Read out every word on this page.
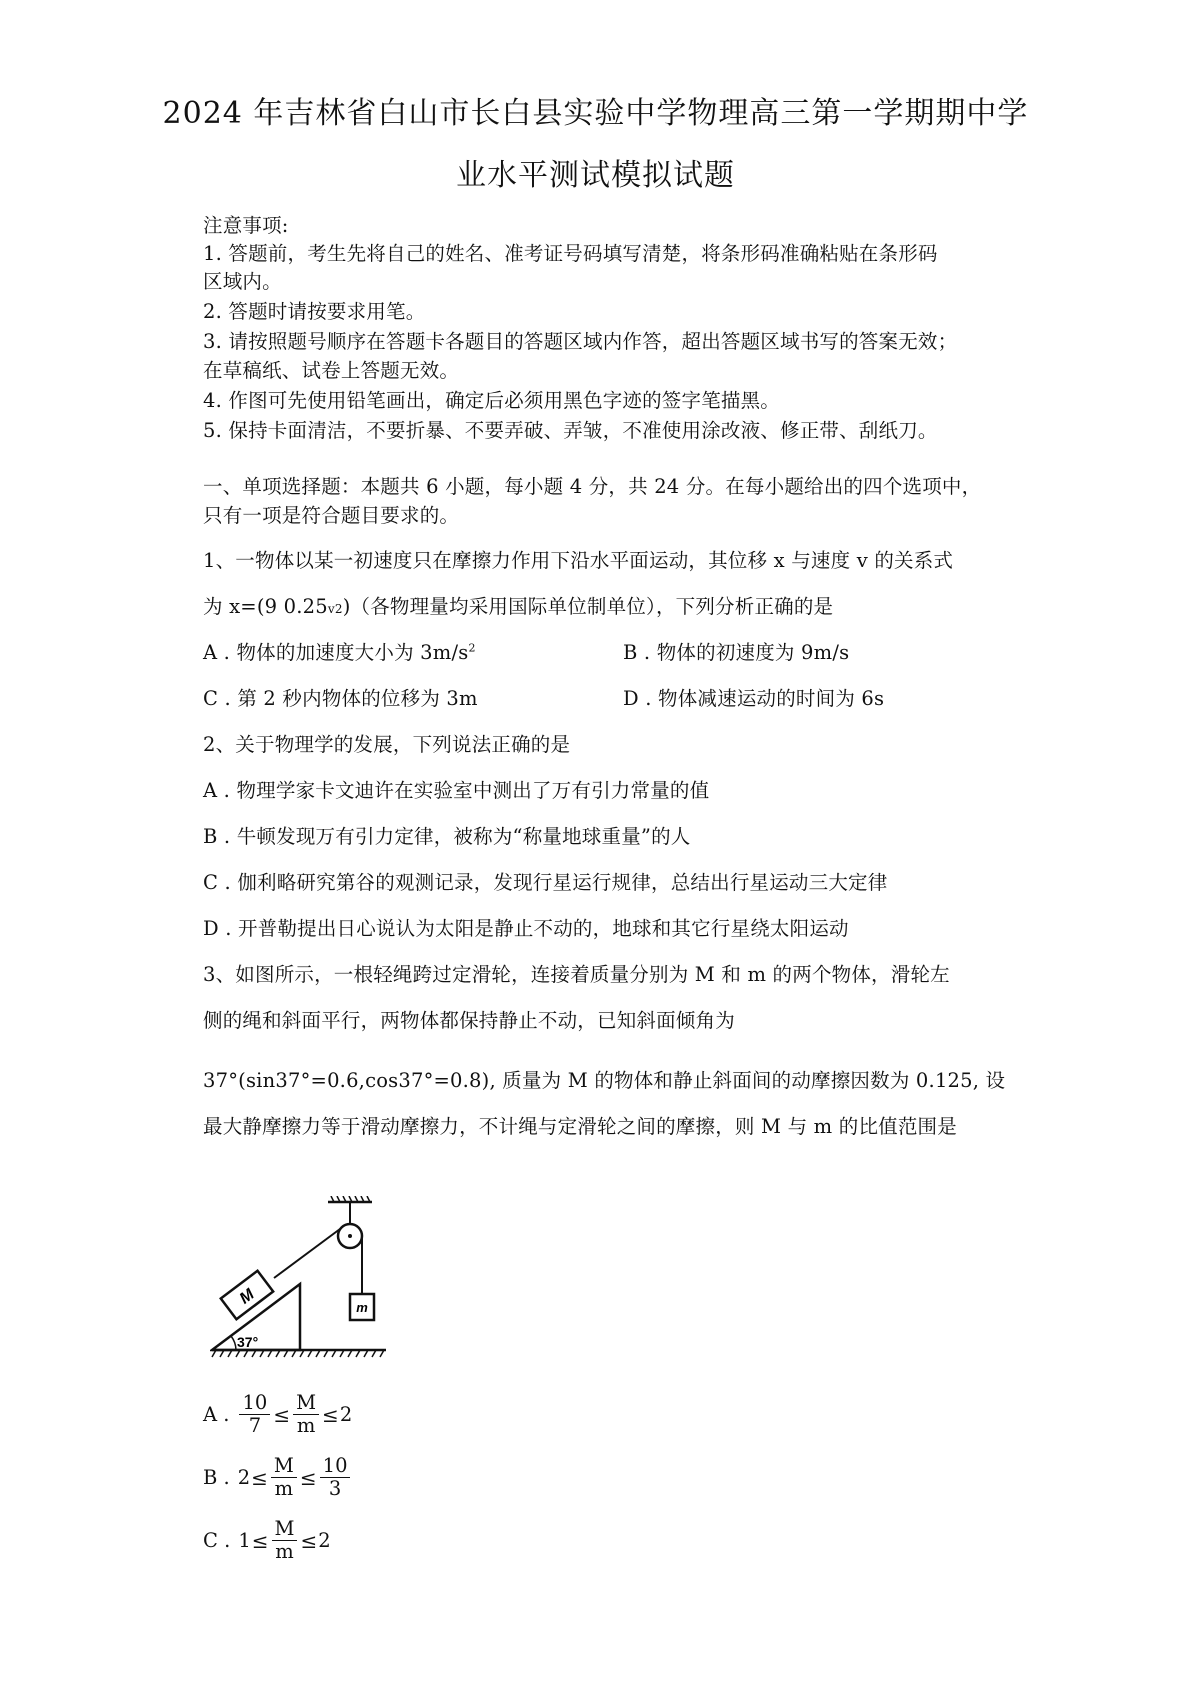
2024 年吉林省白山市长白县实验中学物理高三第一学期期中学
业水平测试模拟试题
注意事项:
1. 答题前，考生先将自己的姓名、准考证号码填写清楚，将条形码准确粘贴在条形码
区域内。
2. 答题时请按要求用笔。
3. 请按照题号顺序在答题卡各题目的答题区域内作答，超出答题区域书写的答案无效；
在草稿纸、试卷上答题无效。
4. 作图可先使用铅笔画出，确定后必须用黑色字迹的签字笔描黑。
5. 保持卡面清洁，不要折暴、不要弄破、弄皱，不准使用涂改液、修正带、刮纸刀。
一、单项选择题：本题共 6 小题，每小题 4 分，共 24 分。在每小题给出的四个选项中，
只有一项是符合题目要求的。
1、一物体以某一初速度只在摩擦力作用下沿水平面运动，其位移 x 与速度 v 的关系式
为 x=(9 0.25v2)（各物理量均采用国际单位制单位），下列分析正确的是
A . 物体的加速度大小为 $3m/s^2$	B . 物体的初速度为 9m/s
C . 第 2 秒内物体的位移为 3m	D . 物体减速运动的时间为 6s
2、关于物理学的发展，下列说法正确的是
A . 物理学家卡文迪许在实验室中测出了万有引力常量的值
B . 牛顿发现万有引力定律，被称为“称量地球重量”的人
C . 伽利略研究第谷的观测记录，发现行星运行规律，总结出行星运动三大定律
D . 开普勒提出日心说认为太阳是静止不动的，地球和其它行星绕太阳运动
3、如图所示，一根轻绳跨过定滑轮，连接着质量分别为 M 和 m 的两个物体，滑轮左
侧的绳和斜面平行，两物体都保持静止不动，已知斜面倾角为
37°(sin37°=0.6,cos37°=0.8), 质量为 M 的物体和静止斜面间的动摩擦因数为 0.125, 设
最大静摩擦力等于滑动摩擦力，不计绳与定滑轮之间的摩擦，则 M 与 m 的比值范围是
37°
M	m
A . $\frac{10}{7} \le \frac{M}{m} \le 2$
B . $2 \le \frac{M}{m} \le \frac{10}{3}$
C . $1 \le \frac{M}{m} \le 2$
